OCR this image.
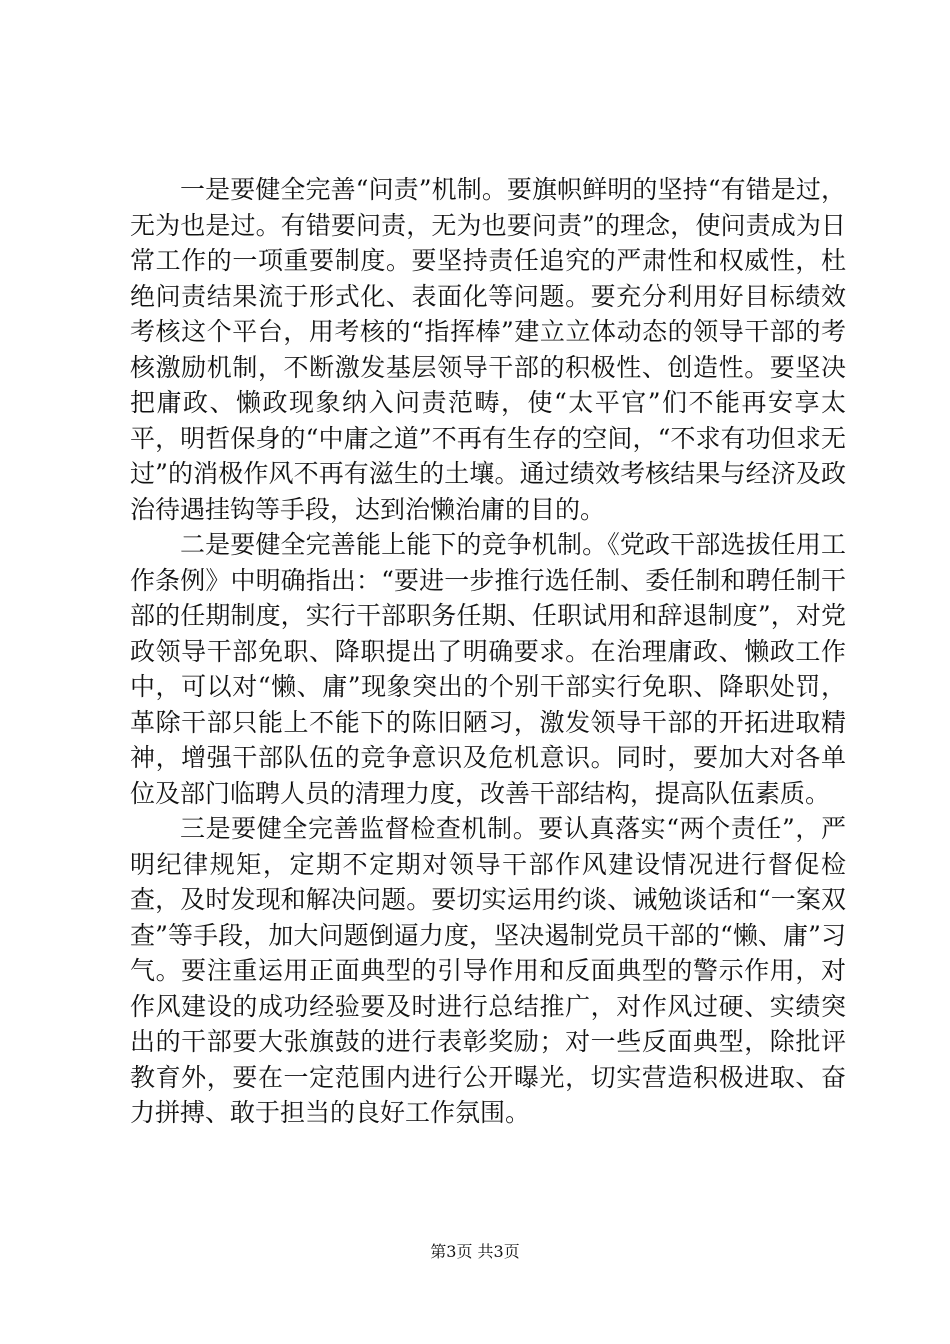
一是要健全完善“问责”机制。要旗帜鲜明的坚持“有错是过，无为也是过。有错要问责，无为也要问责”的理念，使问责成为日常工作的一项重要制度。要坚持责任追究的严肃性和权威性，杜绝问责结果流于形式化、表面化等问题。要充分利用好目标绩效考核这个平台，用考核的“指挥棒”建立立体动态的领导干部的考核激励机制，不断激发基层领导干部的积极性、创造性。要坚决把庸政、懒政现象纳入问责范畴，使“太平官”们不能再安享太平，明哲保身的“中庸之道”不再有生存的空间，“不求有功但求无过”的消极作风不再有滋生的土壤。通过绩效考核结果与经济及政治待遇挂钩等手段，达到治懒治庸的目的。

二是要健全完善能上能下的竞争机制。《党政干部选拔任用工作条例》中明确指出：“要进一步推行选任制、委任制和聘任制干部的任期制度，实行干部职务任期、任职试用和辞退制度”，对党政领导干部免职、降职提出了明确要求。在治理庸政、懒政工作中，可以对“懒、庸”现象突出的个别干部实行免职、降职处罚，革除干部只能上不能下的陈旧陋习，激发领导干部的开拓进取精神，增强干部队伍的竞争意识及危机意识。同时，要加大对各单位及部门临聘人员的清理力度，改善干部结构，提高队伍素质。

三是要健全完善监督检查机制。要认真落实“两个责任”，严明纪律规矩，定期不定期对领导干部作风建设情况进行督促检查，及时发现和解决问题。要切实运用约谈、诫勉谈话和“一案双查”等手段，加大问题倒逼力度，坚决遏制党员干部的“懒、庸”习气。要注重运用正面典型的引导作用和反面典型的警示作用，对作风建设的成功经验要及时进行总结推广，对作风过硬、实绩突出的干部要大张旗鼓的进行表彰奖励；对一些反面典型，除批评教育外，要在一定范围内进行公开曝光，切实营造积极进取、奋力拼搏、敢于担当的良好工作氛围。

第3页 共3页
